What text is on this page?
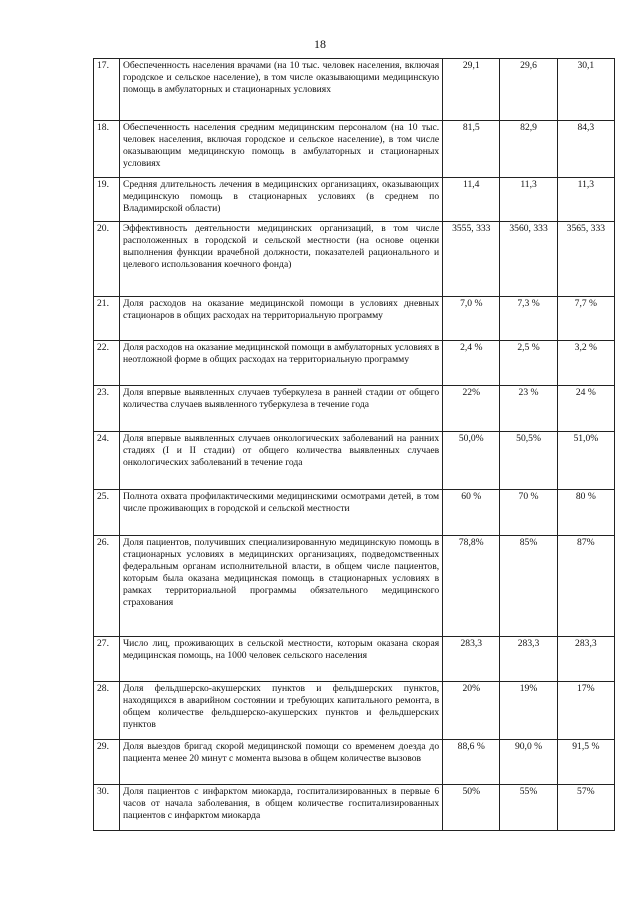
18
17.	Обеспеченность населения врачами (на 10 тыс. человек населения, включая городское и сельское население), в том числе оказывающими медицинскую помощь в амбулаторных и стационарных условиях	29,1	29,6	30,1
18.	Обеспеченность населения средним медицинским персоналом (на 10 тыс. человек населения, включая городское и сельское население), в том числе оказывающим медицинскую помощь в амбулаторных и стационарных условиях	81,5	82,9	84,3
19.	Средняя длительность лечения в медицинских организациях, оказывающих медицинскую помощь в стационарных условиях (в среднем по Владимирской области)	11,4	11,3	11,3
20.	Эффективность деятельности медицинских организаций, в том числе расположенных в городской и сельской местности (на основе оценки выполнения функции врачебной должности, показателей рационального и целевого использования коечного фонда)	3555, 333	3560, 333	3565, 333
21.	Доля расходов на оказание медицинской помощи в условиях дневных стационаров в общих расходах на территориальную программу	7,0 %	7,3 %	7,7 %
22.	Доля расходов на оказание медицинской помощи в амбулаторных условиях в неотложной форме в общих расходах на территориальную программу	2,4 %	2,5 %	3,2 %
23.	Доля впервые выявленных случаев туберкулеза в ранней стадии от общего количества случаев выявленного туберкулеза в течение года	22%	23 %	24 %
24.	Доля впервые выявленных случаев онкологических заболеваний на ранних стадиях (I и II стадии) от общего количества выявленных случаев онкологических заболеваний в течение года	50,0%	50,5%	51,0%
25.	Полнота охвата профилактическими медицинскими осмотрами детей, в том числе проживающих в городской и сельской местности	60 %	70 %	80 %
26.	Доля пациентов, получивших специализированную медицинскую помощь в стационарных условиях в медицинских организациях, подведомственных федеральным органам исполнительной власти, в общем числе пациентов, которым была оказана медицинская помощь в стационарных условиях в рамках территориальной программы обязательного медицинского страхования	78,8%	85%	87%
27.	Число лиц, проживающих в сельской местности, которым оказана скорая медицинская помощь, на 1000 человек сельского населения	283,3	283,3	283,3
28.	Доля фельдшерско-акушерских пунктов и фельдшерских пунктов, находящихся в аварийном состоянии и требующих капитального ремонта, в общем количестве фельдшерско-акушерских пунктов и фельдшерских пунктов	20%	19%	17%
29.	Доля выездов бригад скорой медицинской помощи со временем доезда до пациента менее 20 минут с момента вызова в общем количестве вызовов	88,6 %	90,0 %	91,5 %
30.	Доля пациентов с инфарктом миокарда, госпитализированных в первые 6 часов от начала заболевания, в общем количестве госпитализированных пациентов с инфарктом миокарда	50%	55%	57%
